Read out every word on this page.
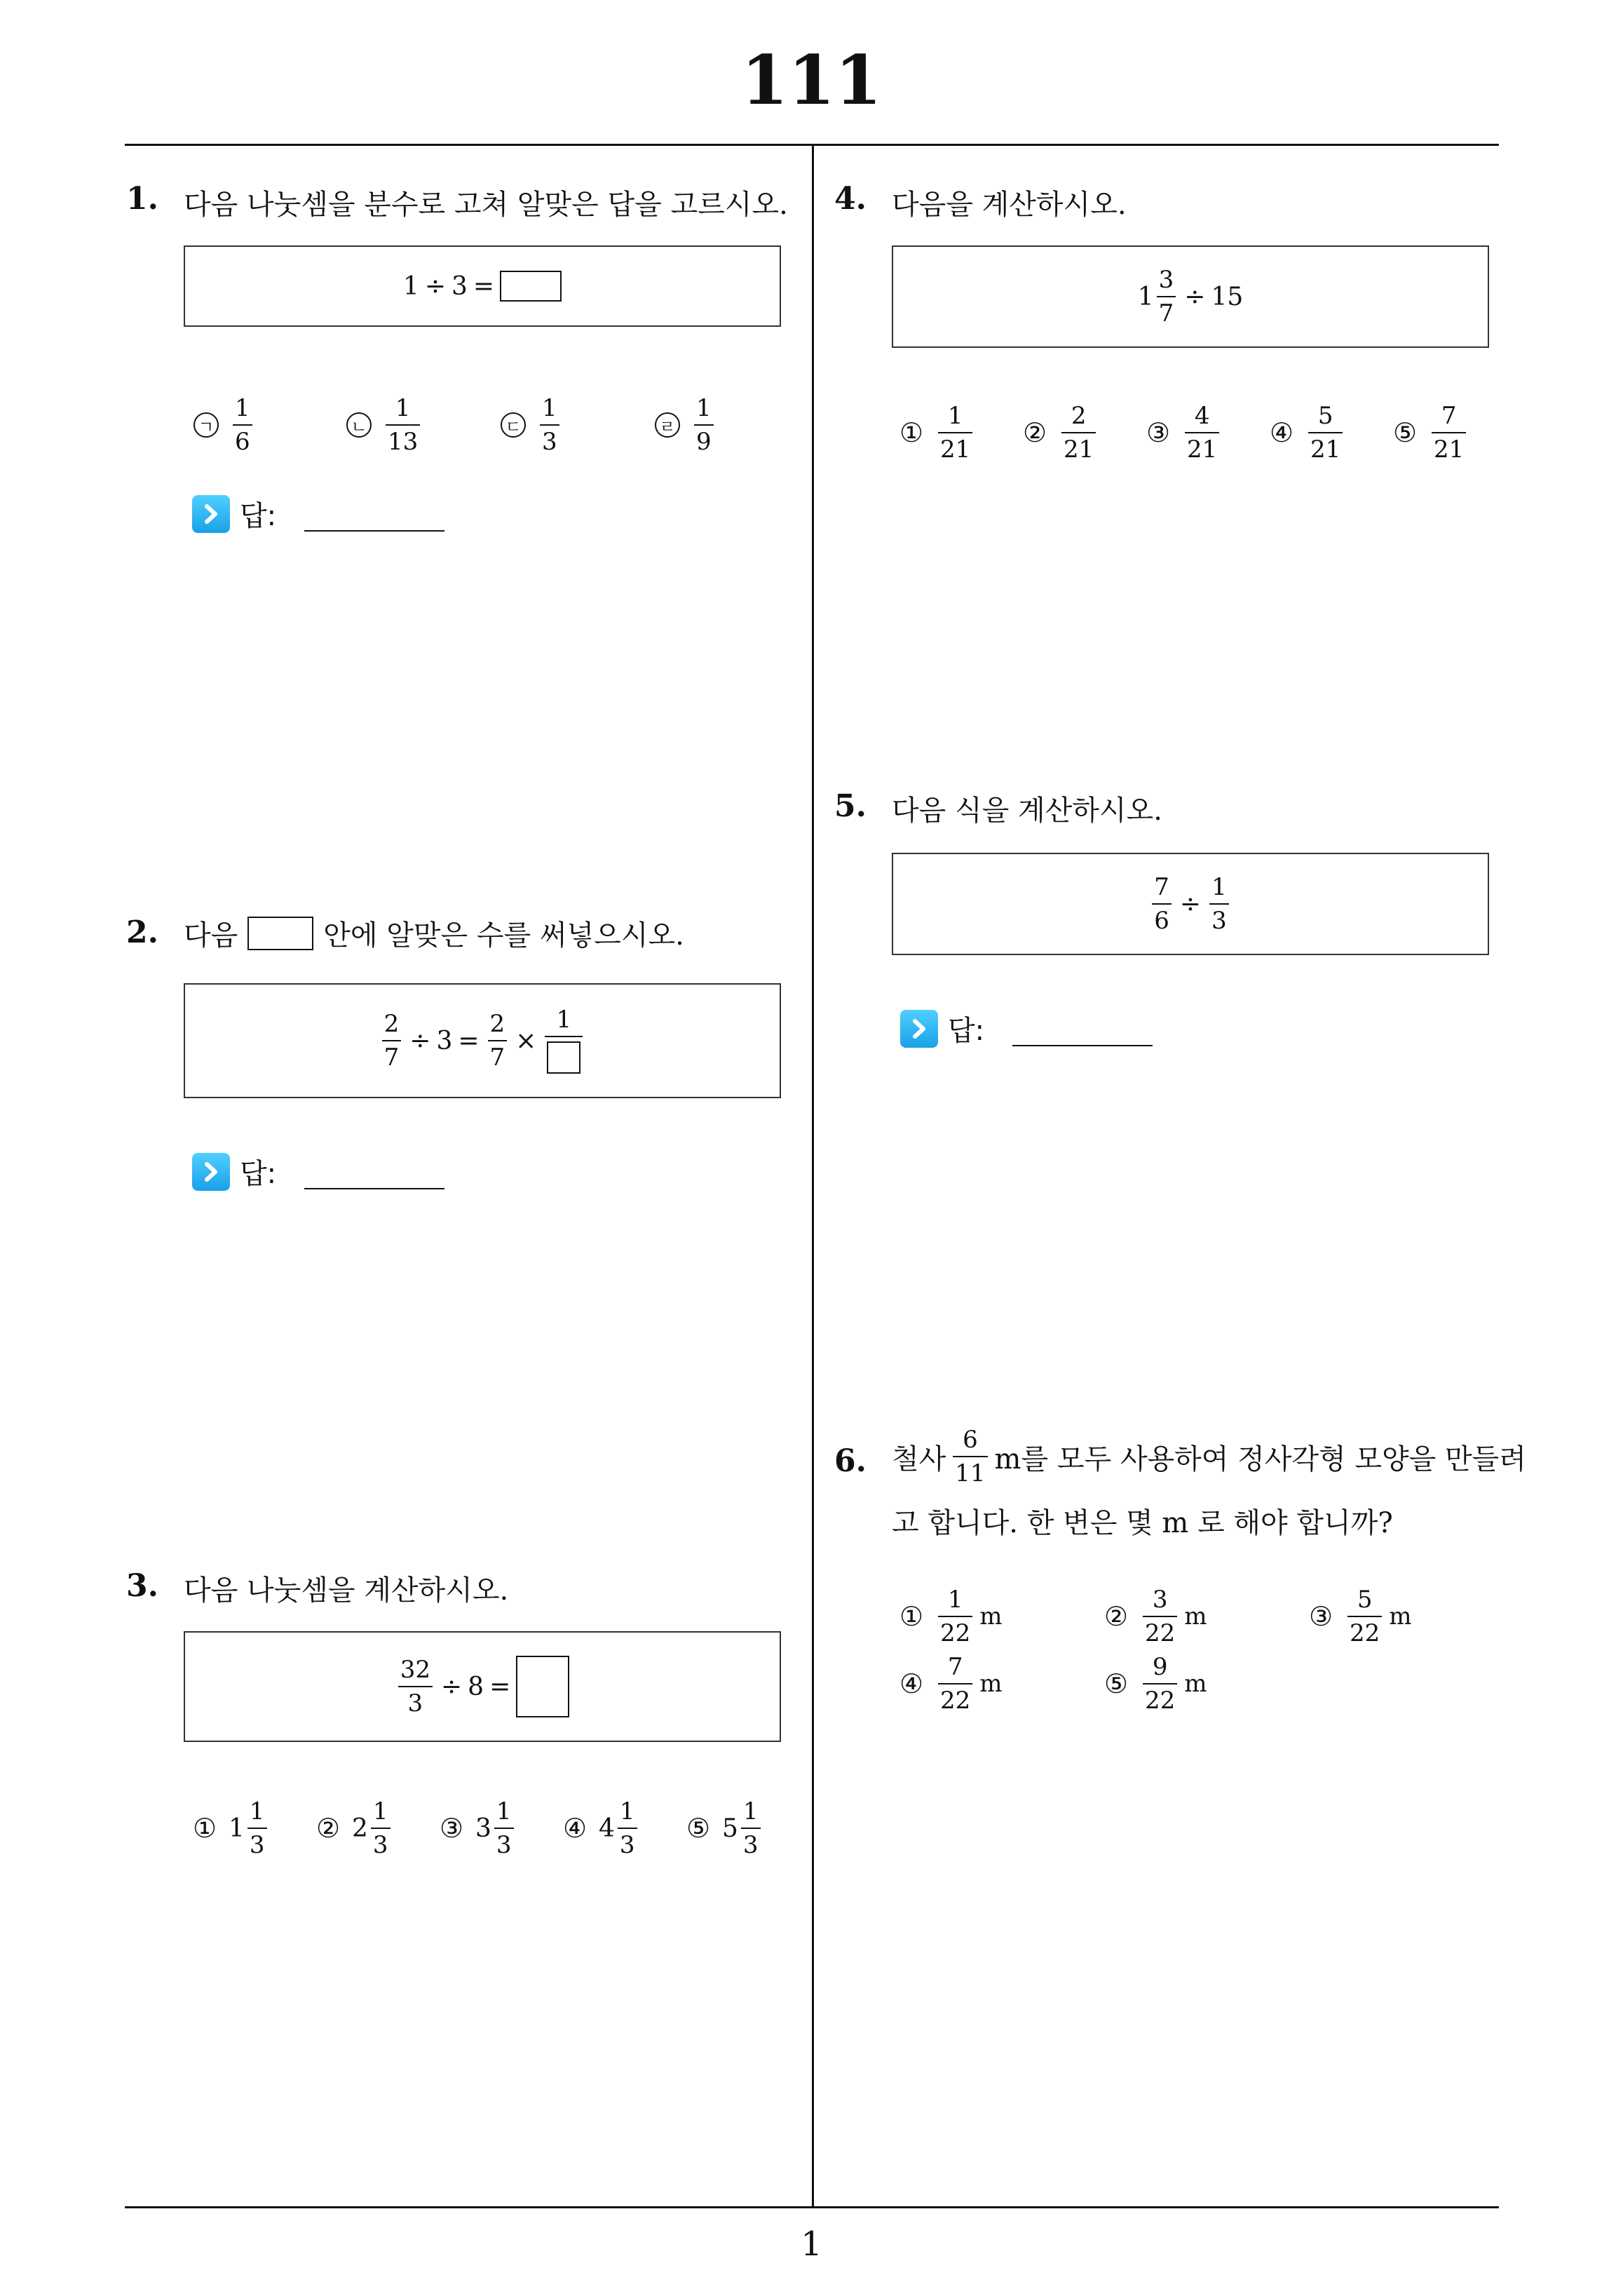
111
1
1. 다음 나눗셈을 분수로 고쳐 알맞은 답을 고르시오.
1 ÷ 3 =
ㄱ $\frac{1}{6}$	ㄴ $\frac{1}{13}$	ㄷ $\frac{1}{3}$	ㄹ $\frac{1}{9}$
답:
2. 다음	안에 알맞은 수를 써넣으시오.
$\frac{2}{7} \div 3 = \frac{2}{7}$ ×
1
답:
3. 다음 나눗셈을 계산하시오.
$\frac{32}{3} \div 8$ =
① $1 \frac{1}{3}$ ② $2 \frac{1}{3}$ ③ $3 \frac{1}{3}$ ④ $4 \frac{1}{3}$ ⑤ $5 \frac{1}{3}$
4. 다음을 계산하시오.
$1 \frac{3}{7} \div 15$
① $\frac{1}{21}$ ② $\frac{2}{21}$ ③ $\frac{4}{21}$ ④ $\frac{5}{21}$ ⑤ $\frac{7}{21}$
5. 다음 식을 계산하시오.
$\frac{7}{6} \div \frac{1}{3}$
답:
6. 철사 $\frac{6}{11}$ m를 모두 사용하여 정사각형 모양을 만들려
고 합니다. 한 변은 몇 m 로 해야 합니까?
① $\frac{1}{22}$ m	② $\frac{3}{22}$ m	③ $\frac{5}{22}$ m
④ $\frac{7}{22}$ m	⑤ $\frac{9}{22}$ m
